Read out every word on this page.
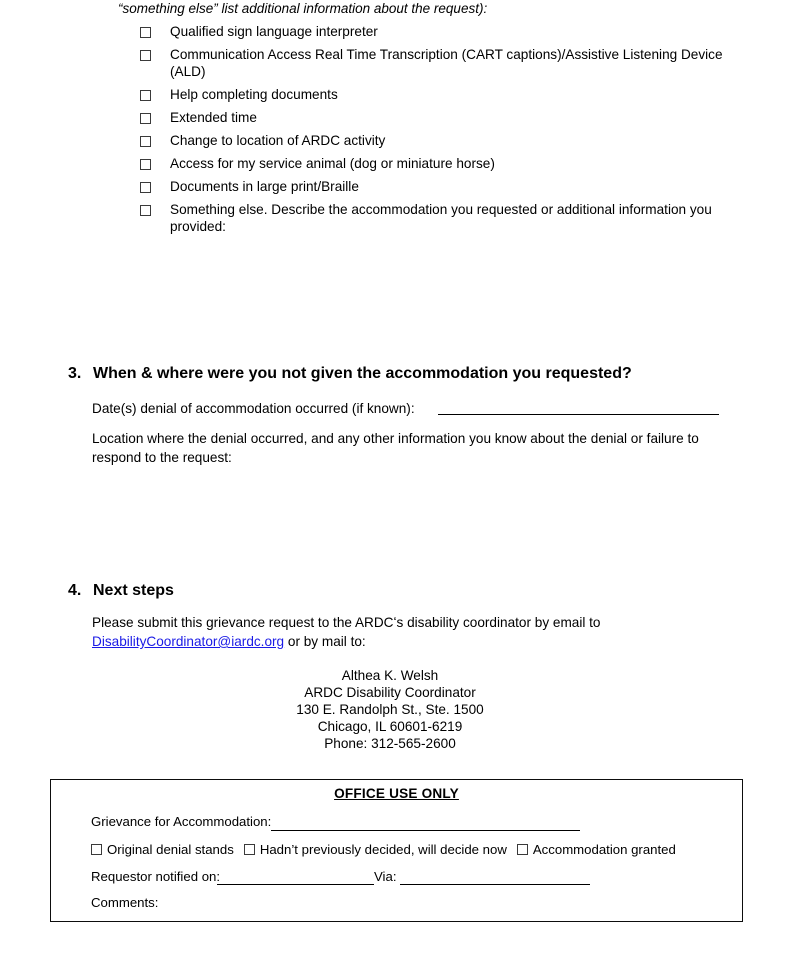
“something else” list additional information about the request):
Qualified sign language interpreter
Communication Access Real Time Transcription (CART captions)/Assistive Listening Device (ALD)
Help completing documents
Extended time
Change to location of ARDC activity
Access for my service animal (dog or miniature horse)
Documents in large print/Braille
Something else. Describe the accommodation you requested or additional information you provided:
3. When & where were you not given the accommodation you requested?
Date(s) denial of accommodation occurred (if known):
Location where the denial occurred, and any other information you know about the denial or failure to
respond to the request:
4. Next steps
Please submit this grievance request to the ARDCʻs disability coordinator by email to
DisabilityCoordinator@iardc.org or by mail to:
Althea K. Welsh
ARDC Disability Coordinator
130 E. Randolph St., Ste. 1500
Chicago, IL 60601-6219
Phone: 312-565-2600
OFFICE USE ONLY
Grievance for Accommodation:
Original denial stands Hadn’t previously decided, will decide now Accommodation granted
Requestor notified on:	Via:
Comments:
